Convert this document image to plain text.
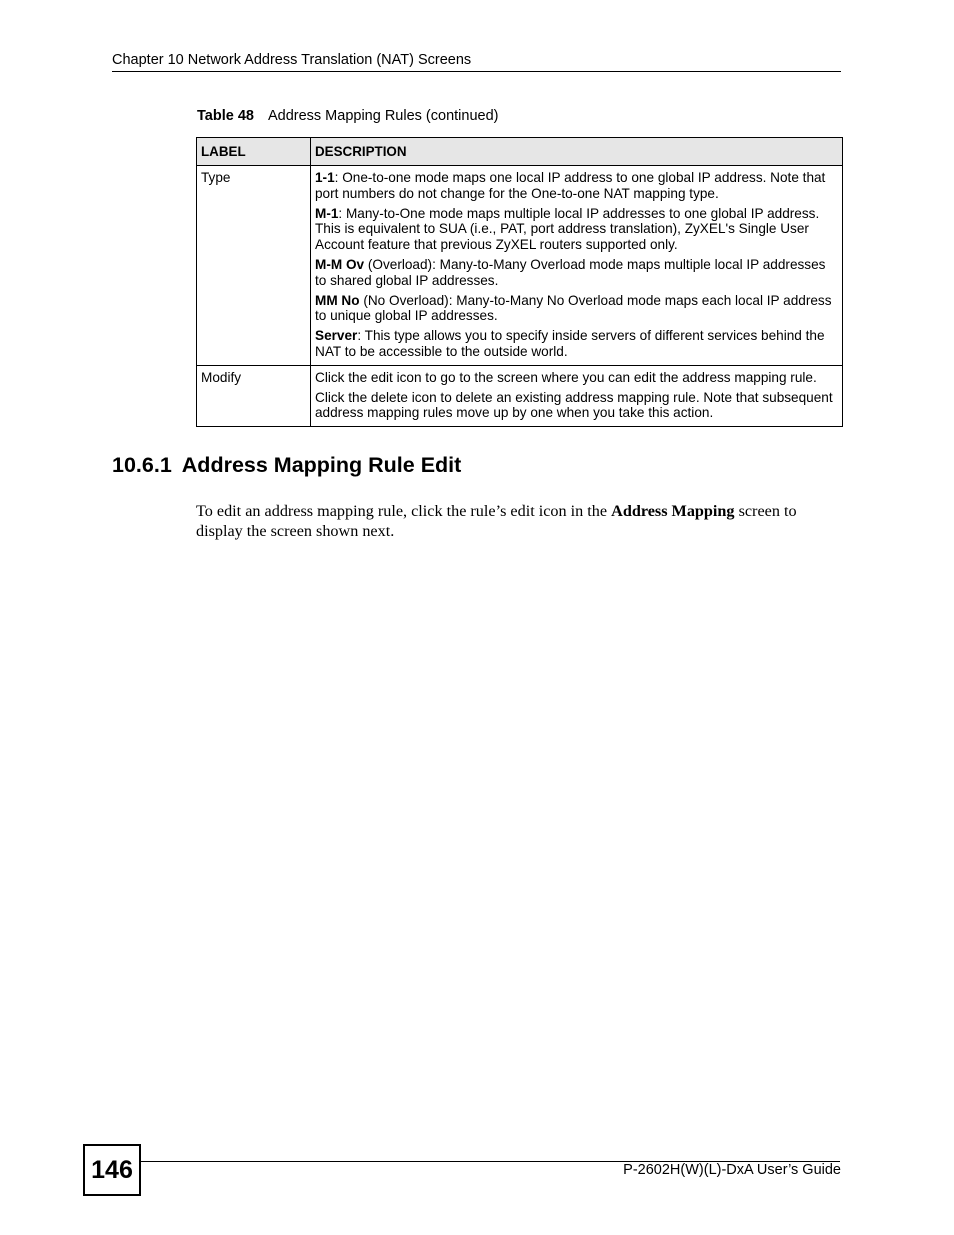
Chapter 10 Network Address Translation (NAT) Screens
Table 48 Address Mapping Rules (continued)
LABEL	DESCRIPTION
Type	1-1: One-to-one mode maps one local IP address to one global IP address. Note that port numbers do not change for the One-to-one NAT mapping type.

M-1: Many-to-One mode maps multiple local IP addresses to one global IP address. This is equivalent to SUA (i.e., PAT, port address translation), ZyXEL's Single User Account feature that previous ZyXEL routers supported only.

M-M Ov (Overload): Many-to-Many Overload mode maps multiple local IP addresses to shared global IP addresses.

MM No (No Overload): Many-to-Many No Overload mode maps each local IP address to unique global IP addresses.

Server: This type allows you to specify inside servers of different services behind the NAT to be accessible to the outside world.

Modify	Click the edit icon to go to the screen where you can edit the address mapping rule.

Click the delete icon to delete an existing address mapping rule. Note that subsequent address mapping rules move up by one when you take this action.

10.6.1 Address Mapping Rule Edit

To edit an address mapping rule, click the rule’s edit icon in the Address Mapping screen to display the screen shown next.

146	P-2602H(W)(L)-DxA User’s Guide
